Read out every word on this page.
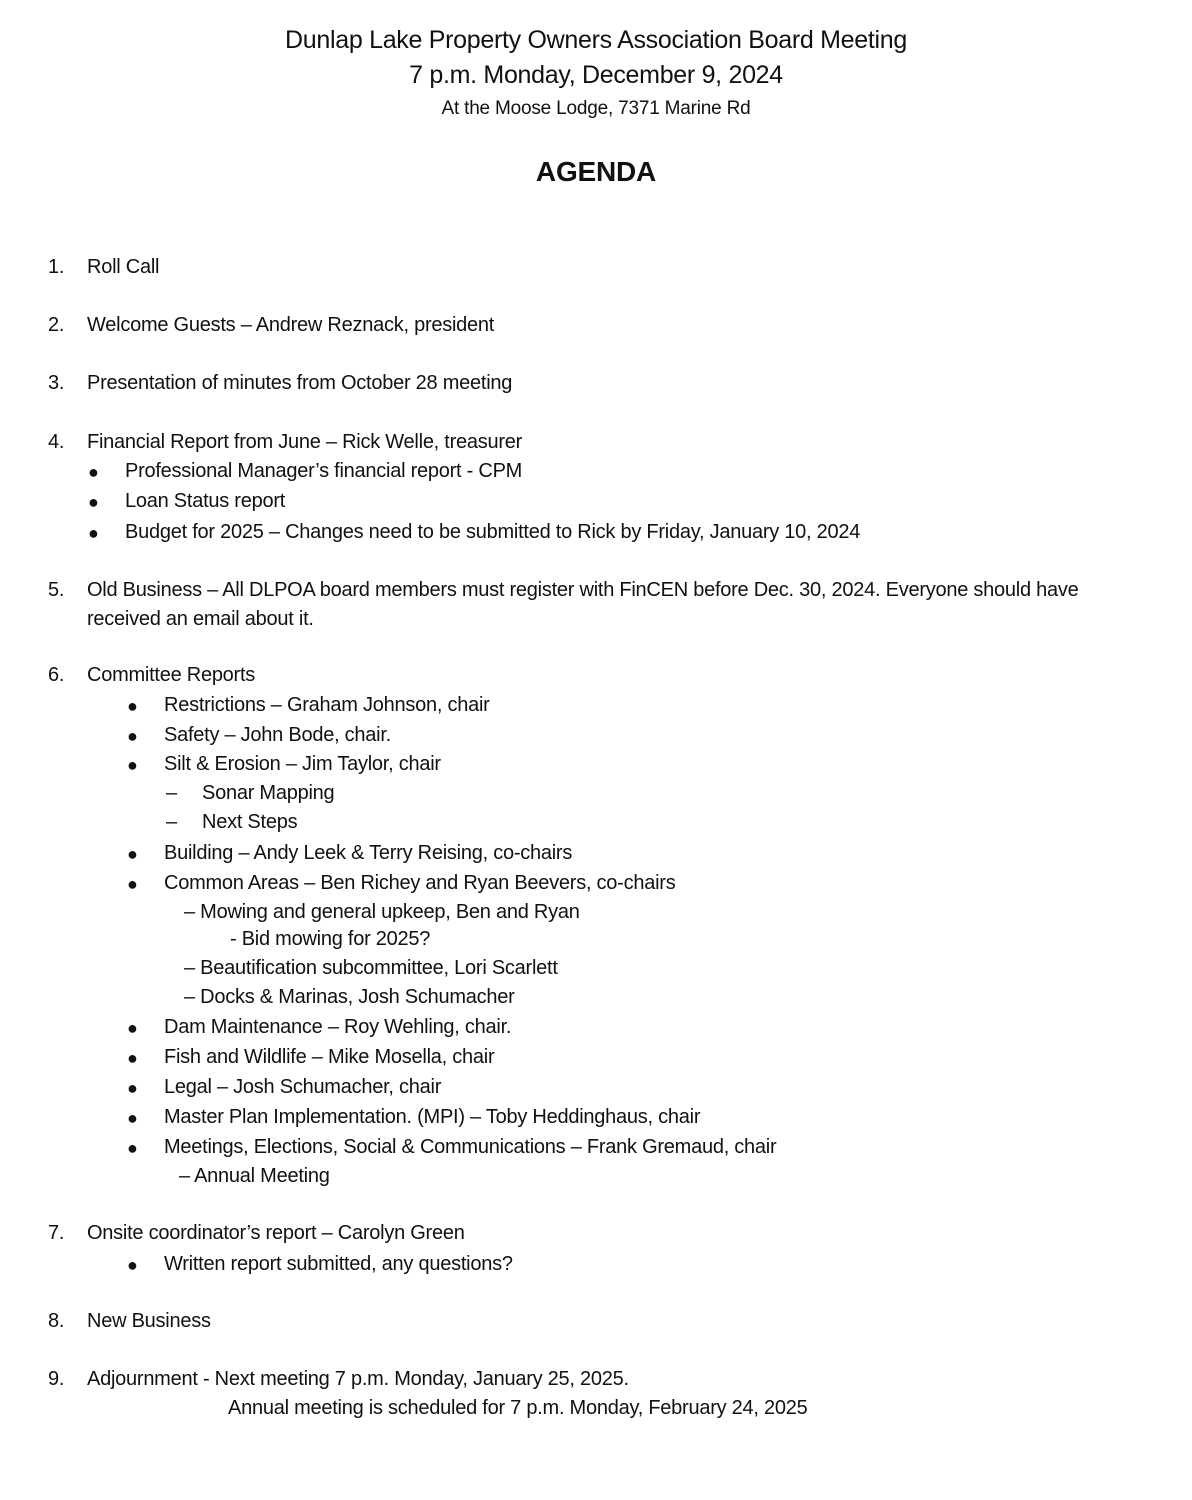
Dunlap Lake Property Owners Association Board Meeting
7 p.m. Monday, December 9, 2024
At the Moose Lodge, 7371 Marine Rd
AGENDA
1. Roll Call
2. Welcome Guests – Andrew Reznack, president
3. Presentation of minutes from October 28 meeting
4. Financial Report from June – Rick Welle, treasurer
● Professional Manager’s financial report - CPM
● Loan Status report
● Budget for 2025 – Changes need to be submitted to Rick by Friday, January 10, 2024
5. Old Business – All DLPOA board members must register with FinCEN before Dec. 30, 2024. Everyone should have
received an email about it.
6. Committee Reports
● Restrictions – Graham Johnson, chair
● Safety – John Bode, chair.
● Silt & Erosion – Jim Taylor, chair
– Sonar Mapping
– Next Steps
● Building – Andy Leek & Terry Reising, co-chairs
● Common Areas – Ben Richey and Ryan Beevers, co-chairs
– Mowing and general upkeep, Ben and Ryan
- Bid mowing for 2025?
– Beautification subcommittee, Lori Scarlett
– Docks & Marinas, Josh Schumacher
● Dam Maintenance – Roy Wehling, chair.
● Fish and Wildlife – Mike Mosella, chair
● Legal – Josh Schumacher, chair
● Master Plan Implementation. (MPI) – Toby Heddinghaus, chair
● Meetings, Elections, Social & Communications – Frank Gremaud, chair
– Annual Meeting
7. Onsite coordinator’s report – Carolyn Green
● Written report submitted, any questions?
8. New Business
9. Adjournment - Next meeting 7 p.m. Monday, January 25, 2025.
Annual meeting is scheduled for 7 p.m. Monday, February 24, 2025
